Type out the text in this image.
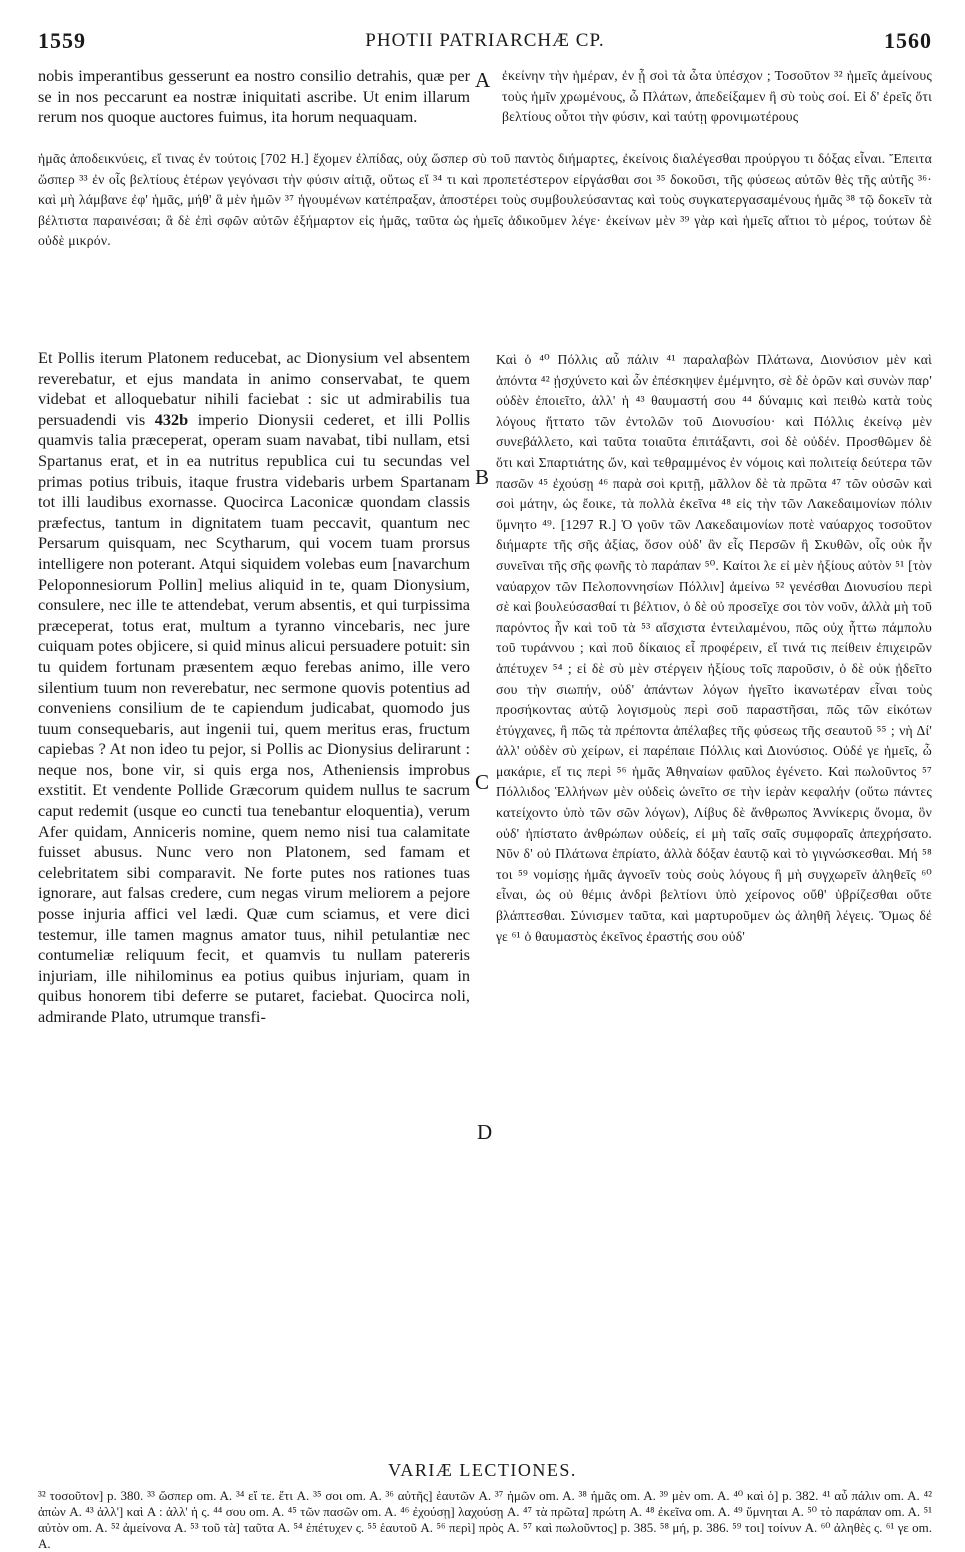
1559	PHOTII PATRIARCHÆ CP.	1560

nobis imperantibus gesserunt ea nostro consilio detrahis, quæ per se in nos peccarunt ea nostræ iniquitati ascribe. Ut enim illarum rerum nos quoque auctores fuimus, ita horum nequaquam.

ἐκείνην τὴν ἡμέραν, ἐν ᾗ σοὶ τὰ ὦτα ὑπέσχον ; Τοσοῦτον ³² ἡμεῖς ἀμείνους τοὺς ἡμῖν χρωμένους, ὦ Πλάτων, ἀπεδείξαμεν ἢ σὺ τοὺς σοί. Εἰ δ' ἐρεῖς ὅτι βελτίους οὗτοι τὴν φύσιν, καὶ ταύτῃ φρονιμωτέρους

ἡμᾶς ἀποδεικνύεις, εἴ τινας ἐν τούτοις [702 H.] ἔχομεν ἐλπίδας, οὐχ ὥσπερ σὺ τοῦ παντὸς διήμαρτες, ἐκείνοις διαλέγεσθαι προύργου τι δόξας εἶναι. Ἔπειτα ὥσπερ ³³ ἐν οἷς βελτίους ἑτέρων γεγόνασι τὴν φύσιν αἰτιᾷ, οὕτως εἴ ³⁴ τι καὶ προπετέστερον εἰργάσθαι σοι ³⁵ δοκοῦσι, τῆς φύσεως αὐτῶν θὲς τῆς αὐτῆς ³⁶· καὶ μὴ λάμβανε ἐφ' ἡμᾶς, μήθ' ἃ μὲν ἡμῶν ³⁷ ἡγουμένων κατέπραξαν, ἀποστέρει τοὺς συμβουλεύσαντας καὶ τοὺς συγκατεργασαμένους ἡμᾶς ³⁸ τῷ δοκεῖν τὰ βέλτιστα παραινέσαι; ἃ δὲ ἐπὶ σφῶν αὐτῶν ἐξήμαρτον εἰς ἡμᾶς, ταῦτα ὡς ἡμεῖς ἀδικοῦμεν λέγε· ἐκείνων μὲν ³⁹ γὰρ καὶ ἡμεῖς αἴτιοι τὸ μέρος, τούτων δὲ οὐδὲ μικρόν.

Et Pollis iterum Platonem reducebat, ac Dionysium vel absentem reverebatur, et ejus mandata in animo conservabat, te quem videbat et alloquebatur nihili faciebat : sic ut admirabilis tua persuadendi vis 432b imperio Dionysii cederet, et illi Pollis quamvis talia præceperat, operam suam navabat, tibi nullam, etsi Spartanus erat, et in ea nutritus republica cui tu secundas vel primas potius tribuis, itaque frustra videbaris urbem Spartanam tot illi laudibus exornasse. Quocirca Laconicæ quondam classis præfectus, tantum in dignitatem tuam peccavit, quantum nec Persarum quisquam, nec Scytharum, qui vocem tuam prorsus intelligere non poterant. Atqui siquidem volebas eum [navarchum Peloponnesiorum Pollin] melius aliquid in te, quam Dionysium, consulere, nec ille te attendebat, verum absentis, et qui turpissima præceperat, totus erat, multum a tyranno vincebaris, nec jure cuiquam potes objicere, si quid minus alicui persuadere potuit: sin tu quidem fortunam præsentem æquo ferebas animo, ille vero silentium tuum non reverebatur, nec sermone quovis potentius ad conveniens consilium de te capiendum judicabat, quomodo jus tuum consequebaris, aut ingenii tui, quem meritus eras, fructum capiebas ? At non ideo tu pejor, si Pollis ac Dionysius delirarunt : neque nos, bone vir, si quis erga nos, Atheniensis improbus exstitit. Et vendente Pollide Græcorum quidem nullus te sacrum caput redemit (usque eo cuncti tua tenebantur eloquentia), verum Afer quidam, Anniceris nomine, quem nemo nisi tua calamitate fuisset abusus. Nunc vero non Platonem, sed famam et celebritatem sibi comparavit. Ne forte putes nos rationes tuas ignorare, aut falsas credere, cum negas virum meliorem a pejore posse injuria affici vel lædi. Quæ cum sciamus, et vere dici testemur, ille tamen magnus amator tuus, nihil petulantiæ nec contumeliæ reliquum fecit, et quamvis tu nullam patereris injuriam, ille nihilominus ea potius quibus injuriam, quam in quibus honorem tibi deferre se putaret, faciebat. Quocirca noli, admirande Plato, utrumque transfi-

Καὶ ὁ ⁴⁰ Πόλλις αὖ πάλιν ⁴¹ παραλαβὼν Πλάτωνα, Διονύσιον μὲν καὶ ἀπόντα ⁴² ᾐσχύνετο καὶ ὧν ἐπέσκηψεν ἐμέμνητο, σὲ δὲ ὁρῶν καὶ συνὼν παρ' οὐδὲν ἐποιεῖτο, ἀλλ' ἡ ⁴³ θαυμαστή σου ⁴⁴ δύναμις καὶ πειθὼ κατὰ τοὺς λόγους ἥττατο τῶν ἐντολῶν τοῦ Διονυσίου· καὶ Πόλλις ἐκείνῳ μὲν συνεβάλλετο, καὶ ταῦτα τοιαῦτα ἐπιτάξαντι, σοὶ δὲ οὐδέν. Προσθῶμεν δὲ ὅτι καὶ Σπαρτιάτης ὤν, καὶ τεθραμμένος ἐν νόμοις καὶ πολιτείᾳ δεύτερα τῶν πασῶν ⁴⁵ ἐχούσῃ ⁴⁶ παρὰ σοὶ κριτῇ, μᾶλλον δὲ τὰ πρῶτα ⁴⁷ τῶν οὐσῶν καὶ σοὶ μάτην, ὡς ἔοικε, τὰ πολλὰ ἐκεῖνα ⁴⁸ εἰς τὴν τῶν Λακεδαιμονίων πόλιν ὕμνητο ⁴⁹. [1297 R.] Ὁ γοῦν τῶν Λακεδαιμονίων ποτὲ ναύαρχος τοσοῦτον διήμαρτε τῆς σῆς ἀξίας, ὅσον οὐδ' ἂν εἷς Περσῶν ἢ Σκυθῶν, οἷς οὐκ ἦν συνεῖναι τῆς σῆς φωνῆς τὸ παράπαν ⁵⁰. Καίτοι λε εἰ μὲν ἠξίους αὐτὸν ⁵¹ [τὸν ναύαρχον τῶν Πελοποννησίων Πόλλιν] ἀμείνω ⁵² γενέσθαι Διονυσίου περὶ σὲ καὶ βουλεύσασθαί τι βέλτιον, ὁ δὲ οὐ προσεῖχε σοι τὸν νοῦν, ἀλλὰ μὴ τοῦ παρόντος ἦν καὶ τοῦ τὰ ⁵³ αἴσχιστα ἐντειλαμένου, πῶς οὐχ ἧττω πάμπολυ τοῦ τυράννου ; καὶ ποῦ δίκαιος εἶ προφέρειν, εἴ τινά τις πείθειν ἐπιχειρῶν ἀπέτυχεν ⁵⁴ ; εἰ δὲ σὺ μὲν στέργειν ἠξίους τοῖς παροῦσιν, ὁ δὲ οὐκ ᾐδεῖτο σου τὴν σιωπήν, οὐδ' ἁπάντων λόγων ἡγεῖτο ἱκανωτέραν εἶναι τοὺς προσήκοντας αὐτῷ λογισμοὺς περὶ σοῦ παραστῆσαι, πῶς τῶν εἰκότων ἐτύγχανες, ἢ πῶς τὰ πρέποντα ἀπέλαβες τῆς φύσεως τῆς σεαυτοῦ ⁵⁵ ; νὴ Δί' ἀλλ' οὐδὲν σὺ χείρων, εἰ παρέπαιε Πόλλις καὶ Διονύσιος. Οὐδέ γε ἡμεῖς, ὦ μακάριε, εἴ τις περὶ ⁵⁶ ἡμᾶς Ἀθηναίων φαῦλος ἐγένετο. Καὶ πωλοῦντος ⁵⁷ Πόλλιδος Ἑλλήνων μὲν οὐδεὶς ὠνεῖτο σε τὴν ἱερὰν κεφαλήν (οὕτω πάντες κατείχοντο ὑπὸ τῶν σῶν λόγων), Λίβυς δὲ ἄνθρωπος Ἀννίκερις ὄνομα, ὃν οὐδ' ἠπίστατο ἀνθρώπων οὐδείς, εἰ μὴ ταῖς σαῖς συμφοραῖς ἀπεχρήσατο. Νῦν δ' οὐ Πλάτωνα ἐπρίατο, ἀλλὰ δόξαν ἑαυτῷ καὶ τὸ γιγνώσκεσθαι. Μή ⁵⁸ τοι ⁵⁹ νομίσῃς ἡμᾶς ἀγνοεῖν τοὺς σοὺς λόγους ἢ μὴ συγχωρεῖν ἀληθεῖς ⁶⁰ εἶναι, ὡς οὐ θέμις ἀνδρὶ βελτίονι ὑπὸ χείρονος οὔθ' ὑβρίζεσθαι οὔτε βλάπτεσθαι. Σύνισμεν ταῦτα, καὶ μαρτυροῦμεν ὡς ἀληθῆ λέγεις. Ὅμως δέ γε ⁶¹ ὁ θαυμαστὸς ἐκεῖνος ἐραστής σου οὐδ'

A
B
C
D
VARIÆ LECTIONES.
³² τοσοῦτον] p. 380. ³³ ὥσπερ om. A. ³⁴ εἴ τε. ἔτι A. ³⁵ σοι om. A. ³⁶ αὐτῆς] ἑαυτῶν A. ³⁷ ἡμῶν om. A. ³⁸ ἡμᾶς om. A. ³⁹ μὲν om. A. ⁴⁰ καὶ ὁ] p. 382. ⁴¹ αὖ πάλιν om. A. ⁴² ἀπὼν A. ⁴³ ἀλλ'] καὶ A : ἀλλ' ἡ ς. ⁴⁴ σου om. A. ⁴⁵ τῶν πασῶν om. A. ⁴⁶ ἐχούσῃ] λαχούσῃ A. ⁴⁷ τὰ πρῶτα] πρώτη A. ⁴⁸ ἐκεῖνα om. A. ⁴⁹ ὕμνηται A. ⁵⁰ τὸ παράπαν om. A. ⁵¹ αὐτὸν om. A. ⁵² ἀμείνονα A. ⁵³ τοῦ τὰ] ταῦτα A. ⁵⁴ ἐπέτυχεν ς. ⁵⁵ ἑαυτοῦ A. ⁵⁶ περὶ] πρὸς A. ⁵⁷ καὶ πωλοῦντος] p. 385. ⁵⁸ μή, p. 386. ⁵⁹ τοι] τοίνυν A. ⁶⁰ ἀληθὲς ς. ⁶¹ γε om. A.
